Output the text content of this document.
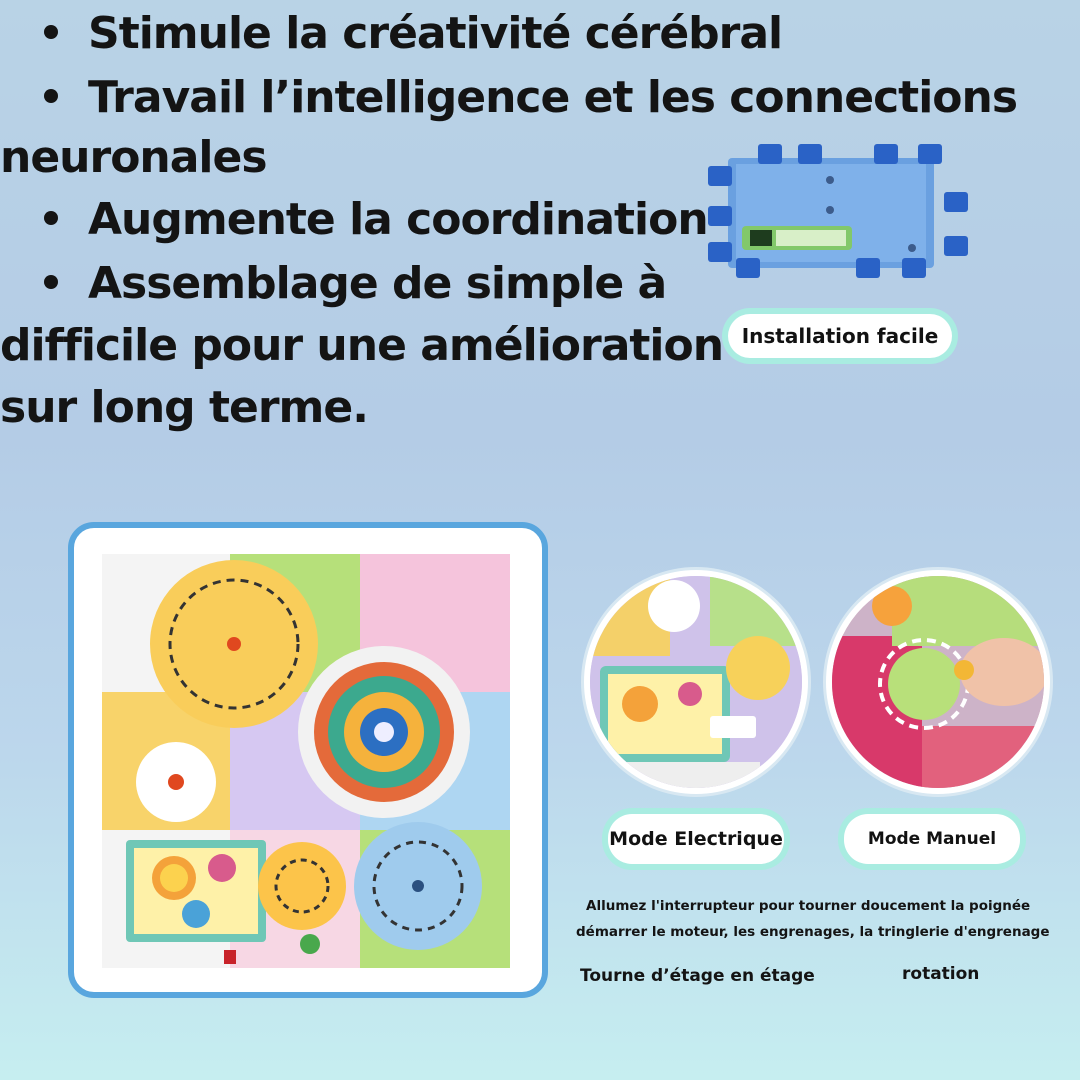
Stimule la créativité cérébral
Travail l’intelligence et les connections
neuronales
Augmente la coordination
Assemblage de simple à
difficile pour une amélioration
sur long terme.
Installation facile
Mode Electrique	Mode Manuel
Allumez l'interrupteur pour tourner doucement la poignée
démarrer le moteur, les engrenages, la tringlerie d'engrenage
Tourne d’étage en étage	rotation
